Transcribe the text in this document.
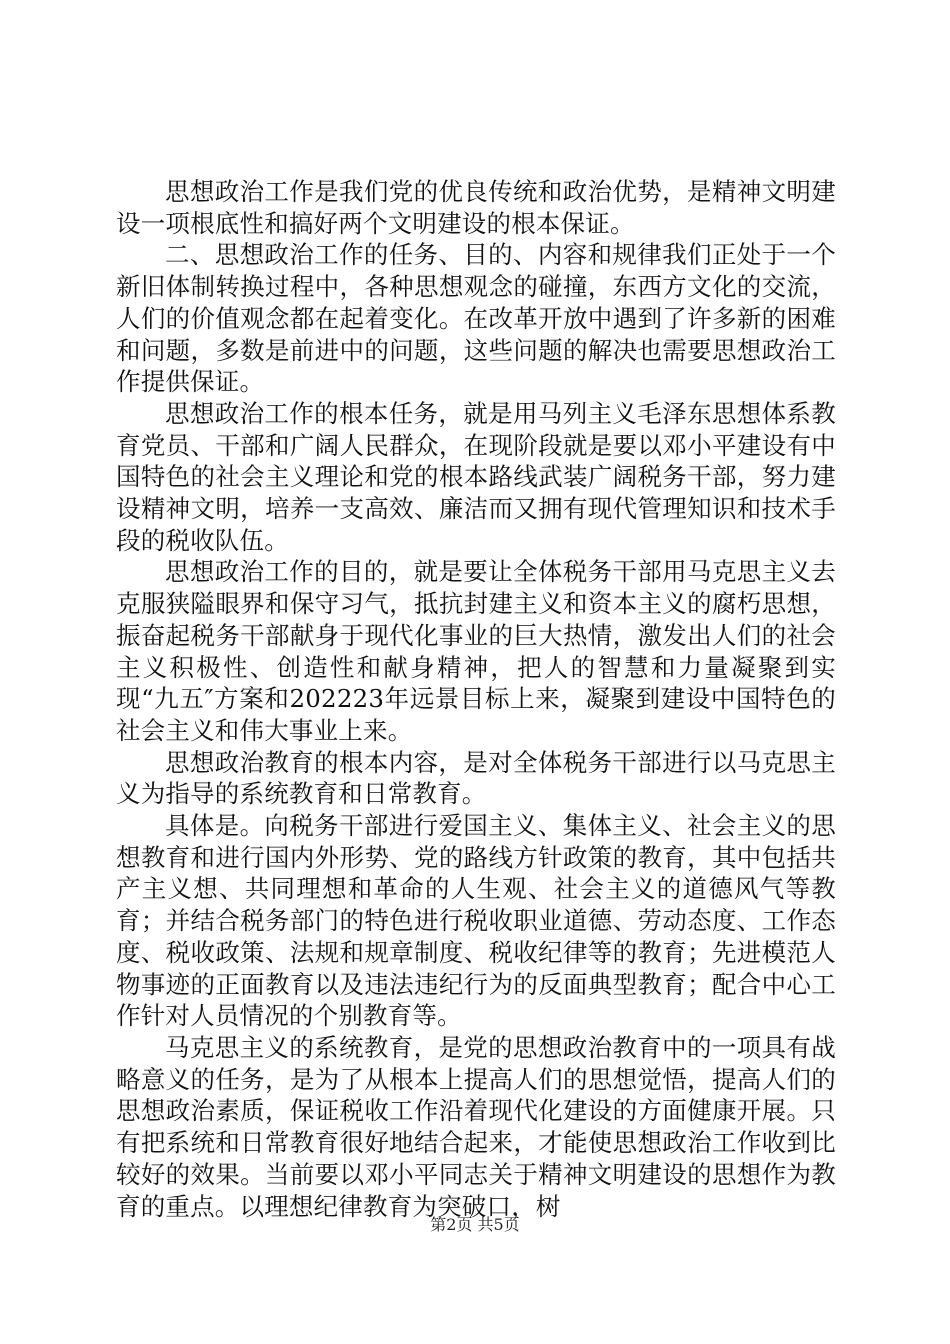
思想政治工作是我们党的优良传统和政治优势，是精神文明建设一项根底性和搞好两个文明建设的根本保证。

二、思想政治工作的任务、目的、内容和规律我们正处于一个新旧体制转换过程中，各种思想观念的碰撞，东西方文化的交流，人们的价值观念都在起着变化。在改革开放中遇到了许多新的困难和问题，多数是前进中的问题，这些问题的解决也需要思想政治工作提供保证。

思想政治工作的根本任务，就是用马列主义毛泽东思想体系教育党员、干部和广阔人民群众，在现阶段就是要以邓小平建设有中国特色的社会主义理论和党的根本路线武装广阔税务干部，努力建设精神文明，培养一支高效、廉洁而又拥有现代管理知识和技术手段的税收队伍。

思想政治工作的目的，就是要让全体税务干部用马克思主义去克服狭隘眼界和保守习气，抵抗封建主义和资本主义的腐朽思想，振奋起税务干部献身于现代化事业的巨大热情，激发出人们的社会主义积极性、创造性和献身精神，把人的智慧和力量凝聚到实现“九五″方案和202223年远景目标上来，凝聚到建设中国特色的社会主义和伟大事业上来。

思想政治教育的根本内容，是对全体税务干部进行以马克思主义为指导的系统教育和日常教育。

具体是。向税务干部进行爱国主义、集体主义、社会主义的思想教育和进行国内外形势、党的路线方针政策的教育，其中包括共产主义想、共同理想和革命的人生观、社会主义的道德风气等教育；并结合税务部门的特色进行税收职业道德、劳动态度、工作态度、税收政策、法规和规章制度、税收纪律等的教育；先进模范人物事迹的正面教育以及违法违纪行为的反面典型教育；配合中心工作针对人员情况的个别教育等。

马克思主义的系统教育，是党的思想政治教育中的一项具有战略意义的任务，是为了从根本上提高人们的思想觉悟，提高人们的思想政治素质，保证税收工作沿着现代化建设的方面健康开展。只有把系统和日常教育很好地结合起来，才能使思想政治工作收到比较好的效果。当前要以邓小平同志关于精神文明建设的思想作为教育的重点。以理想纪律教育为突破口，树

第2页 共5页
